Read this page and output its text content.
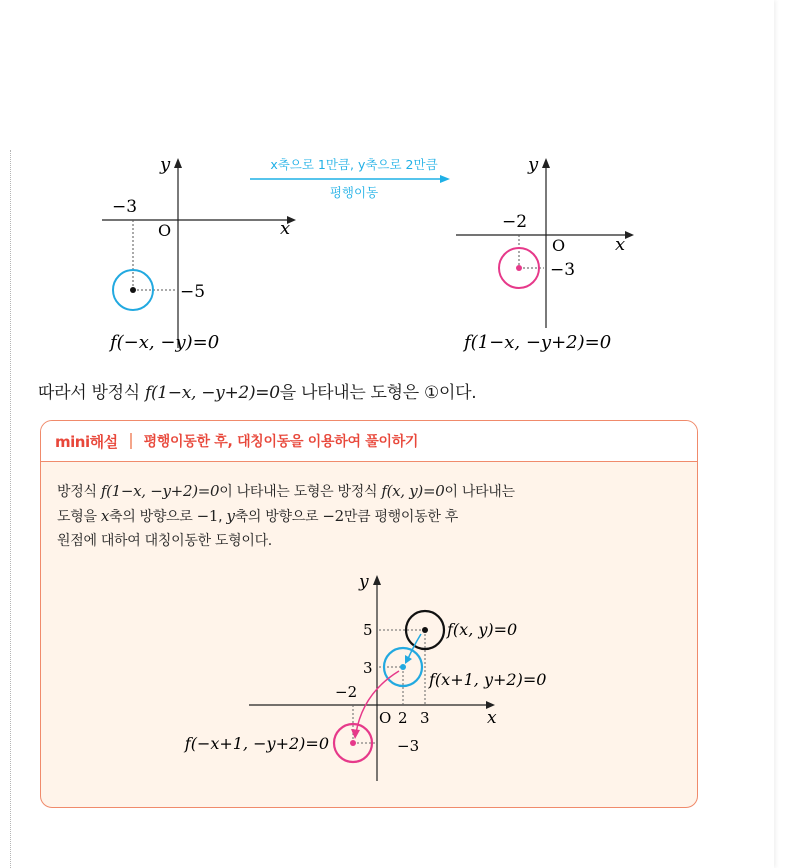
y
x
O
−3
−5
f(−x, −y)=0
x축으로 1만큼, y축으로 2만큼
평행이동
y
x
O
−2
−3
f(1−x, −y+2)=0
따라서 방정식 f(1−x, −y+2)=0을 나타내는 도형은 ①이다.
mini해설 평행이동한 후, 대칭이동을 이용하여 풀이하기
방정식 f(1−x, −y+2)=0이 나타내는 도형은 방정식 f(x, y)=0이 나타내는
도형을 x축의 방향으로 −1, y축의 방향으로 −2만큼 평행이동한 후
원점에 대하여 대칭이동한 도형이다.
y
x
O
5
3
−2
2 3
−3
f(x, y)=0
f(x+1, y+2)=0
f(−x+1, −y+2)=0
